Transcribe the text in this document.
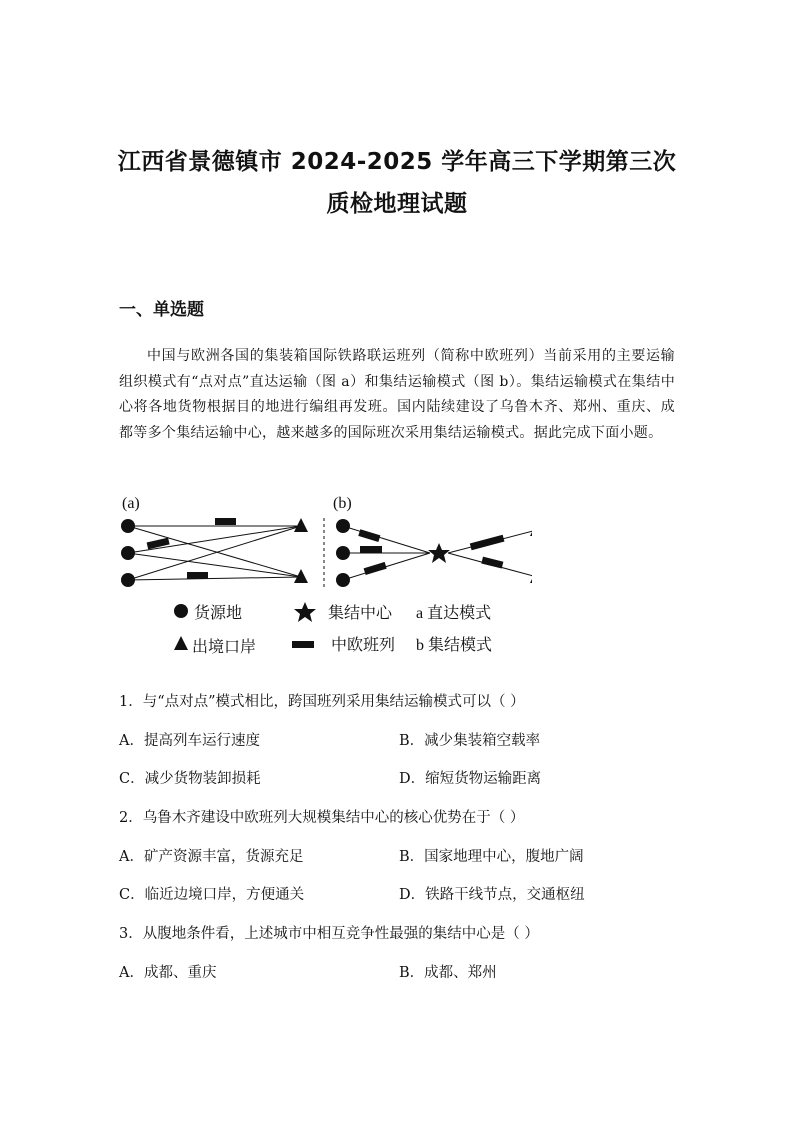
江西省景德镇市 2024-2025 学年高三下学期第三次
质检地理试题
一、单选题
中国与欧洲各国的集装箱国际铁路联运班列（简称中欧班列）当前采用的主要运输组织模式有“点对点”直达运输（图 a）和集结运输模式（图 b）。集结运输模式在集结中心将各地货物根据目的地进行编组再发班。国内陆续建设了乌鲁木齐、郑州、重庆、成都等多个集结运输中心，越来越多的国际班次采用集结运输模式。据此完成下面小题。
(a)	(b)
货源地	集结中心 a 直达模式
出境口岸	中欧班列 b 集结模式
1．与“点对点”模式相比，跨国班列采用集结运输模式可以（ ）
A．提高列车运行速度	B．减少集装箱空载率
C．减少货物装卸损耗	D．缩短货物运输距离
2．乌鲁木齐建设中欧班列大规模集结中心的核心优势在于（ ）
A．矿产资源丰富，货源充足	B．国家地理中心，腹地广阔
C．临近边境口岸，方便通关	D．铁路干线节点，交通枢纽
3．从腹地条件看，上述城市中相互竞争性最强的集结中心是（ ）
A．成都、重庆	B．成都、郑州
